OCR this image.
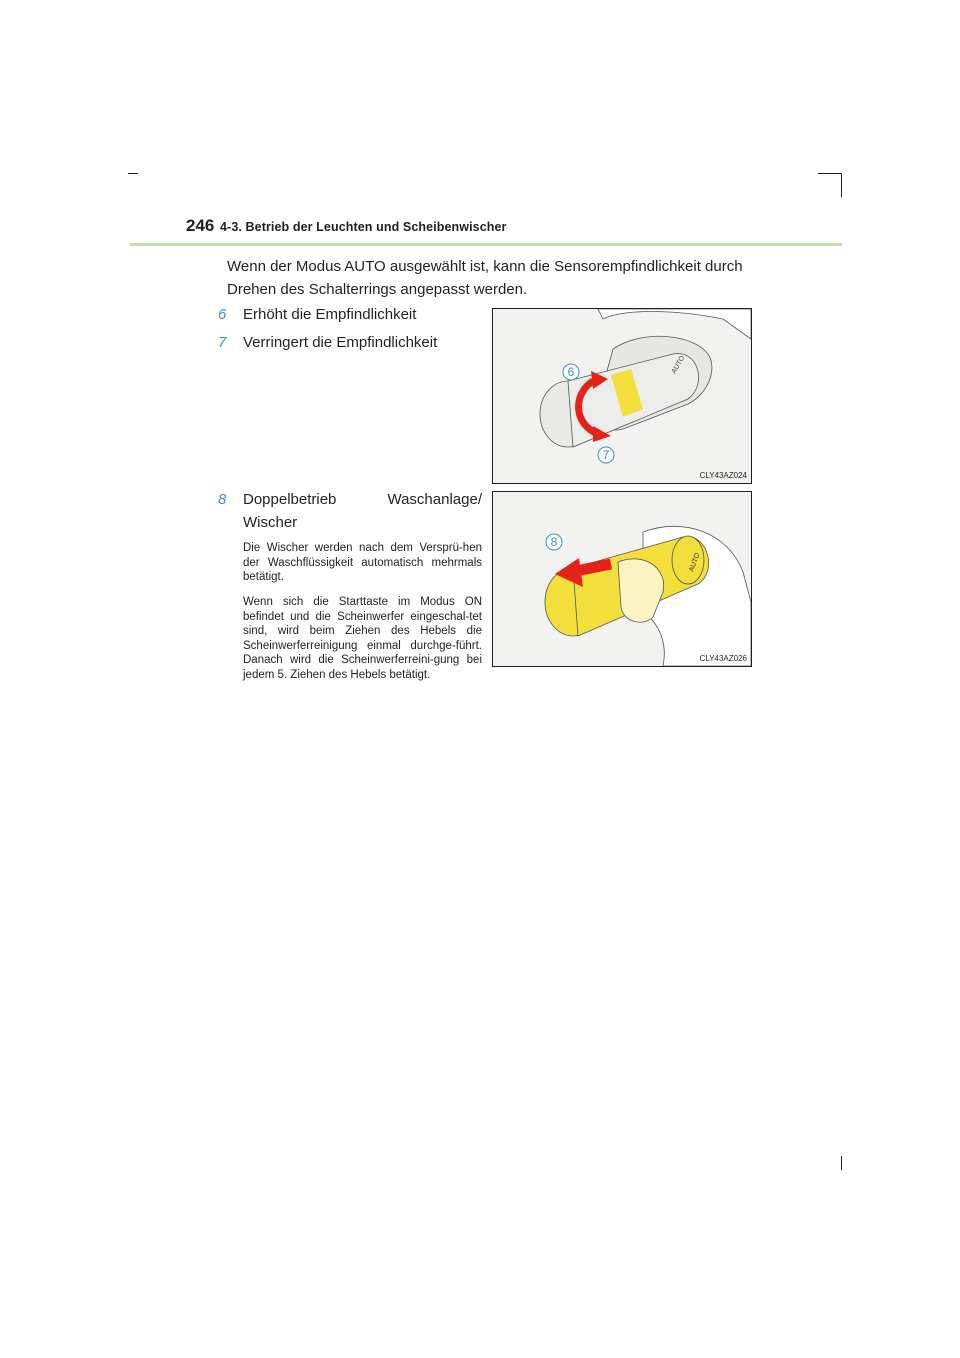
246 4-3. Betrieb der Leuchten und Scheibenwischer
Wenn der Modus AUTO ausgewählt ist, kann die Sensorempfindlichkeit durch Drehen des Schalterrings angepasst werden.
6 Erhöht die Empfindlichkeit
7 Verringert die Empfindlichkeit
8 Doppelbetrieb Waschanlage/ Wischer
Die Wischer werden nach dem Versprü-hen der Waschflüssigkeit automatisch mehrmals betätigt.
Wenn sich die Starttaste im Modus ON befindet und die Scheinwerfer eingeschal-tet sind, wird beim Ziehen des Hebels die Scheinwerferreinigung einmal durchge-führt. Danach wird die Scheinwerferreini-gung bei jedem 5. Ziehen des Hebels betätigt.
AUTO
6
7
CLY43AZ024
AUTO
8
CLY43AZ026
